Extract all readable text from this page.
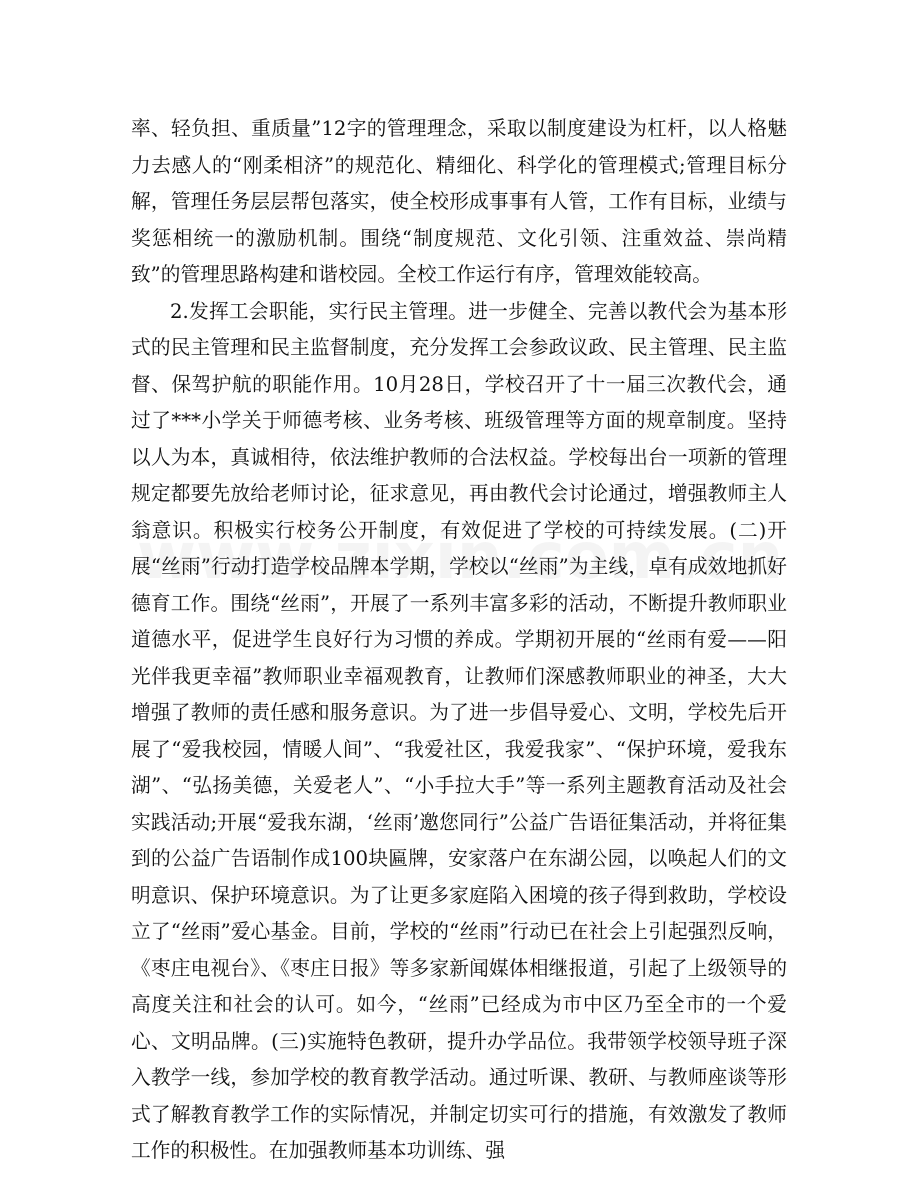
率、轻负担、重质量”12字的管理理念，采取以制度建设为杠杆，以人格魅力去感人的“刚柔相济”的规范化、精细化、科学化的管理模式;管理目标分解，管理任务层层帮包落实，使全校形成事事有人管，工作有目标，业绩与奖惩相统一的激励机制。围绕“制度规范、文化引领、注重效益、崇尚精致”的管理思路构建和谐校园。全校工作运行有序，管理效能较高。

2.发挥工会职能，实行民主管理。进一步健全、完善以教代会为基本形式的民主管理和民主监督制度，充分发挥工会参政议政、民主管理、民主监督、保驾护航的职能作用。10月28日，学校召开了十一届三次教代会，通过了***小学关于师德考核、业务考核、班级管理等方面的规章制度。坚持以人为本，真诚相待，依法维护教师的合法权益。学校每出台一项新的管理规定都要先放给老师讨论，征求意见，再由教代会讨论通过，增强教师主人翁意识。积极实行校务公开制度，有效促进了学校的可持续发展。(二)开展“丝雨”行动打造学校品牌本学期，学校以“丝雨”为主线，卓有成效地抓好德育工作。围绕“丝雨”，开展了一系列丰富多彩的活动，不断提升教师职业道德水平，促进学生良好行为习惯的养成。学期初开展的“丝雨有爱——阳光伴我更幸福”教师职业幸福观教育，让教师们深感教师职业的神圣，大大增强了教师的责任感和服务意识。为了进一步倡导爱心、文明，学校先后开展了“爱我校园，情暖人间”、“我爱社区，我爱我家”、“保护环境，爱我东湖”、“弘扬美德，关爱老人”、“小手拉大手”等一系列主题教育活动及社会实践活动;开展“爱我东湖，‘丝雨’邀您同行”公益广告语征集活动，并将征集到的公益广告语制作成100块匾牌，安家落户在东湖公园，以唤起人们的文明意识、保护环境意识。为了让更多家庭陷入困境的孩子得到救助，学校设立了“丝雨”爱心基金。目前，学校的“丝雨”行动已在社会上引起强烈反响，《枣庄电视台》、《枣庄日报》等多家新闻媒体相继报道，引起了上级领导的高度关注和社会的认可。如今，“丝雨”已经成为市中区乃至全市的一个爱心、文明品牌。(三)实施特色教研，提升办学品位。我带领学校领导班子深入教学一线，参加学校的教育教学活动。通过听课、教研、与教师座谈等形式了解教育教学工作的实际情况，并制定切实可行的措施，有效激发了教师工作的积极性。在加强教师基本功训练、强
